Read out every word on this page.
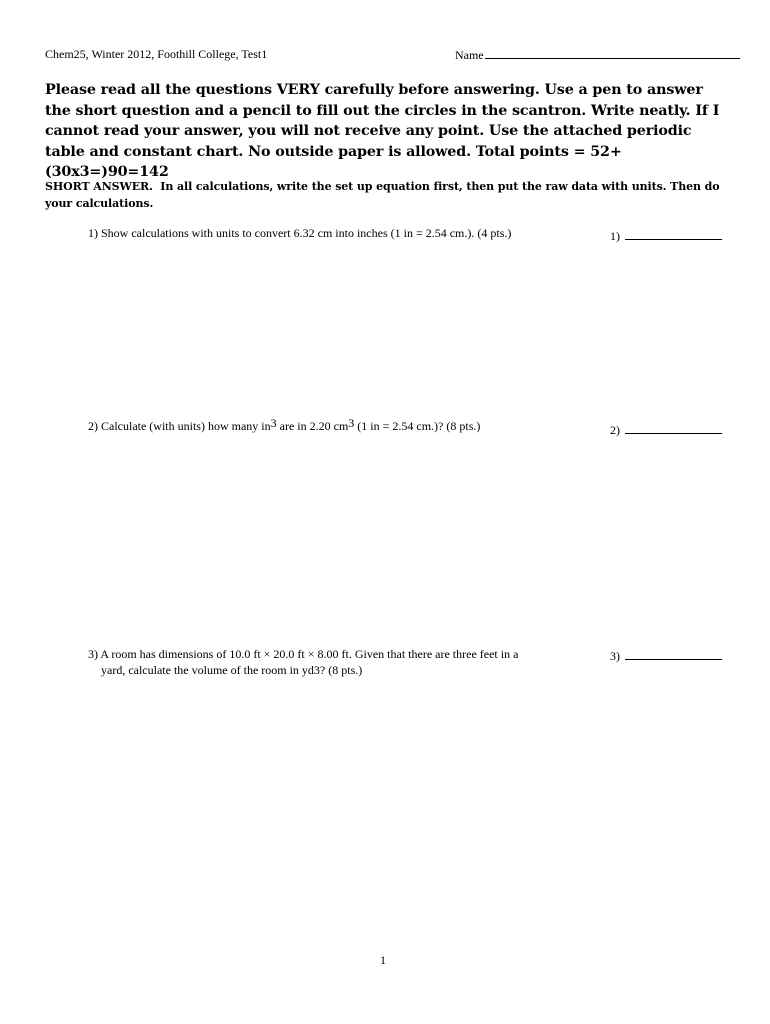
Chem25, Winter 2012, Foothill College, Test1	Name
Please read all the questions VERY carefully before answering. Use a pen to answer the short question and a pencil to fill out the circles in the scantron. Write neatly. If I cannot read your answer, you will not receive any point. Use the attached periodic table and constant chart. No outside paper is allowed. Total points = 52+ (30x3=)90=142
SHORT ANSWER. In all calculations, write the set up equation first, then put the raw data with units. Then do your calculations.
1) Show calculations with units to convert 6.32 cm into inches (1 in = 2.54 cm.). (4 pts.)	1)
2) Calculate (with units) how many $in^3$ are in 2.20 $cm^3$ (1 in = 2.54 cm.)? (8 pts.)	2)
3) A room has dimensions of 10.0 ft × 20.0 ft × 8.00 ft. Given that there are three feet in a
yard, calculate the volume of the room in yd3? (8 pts.)
3)
1
